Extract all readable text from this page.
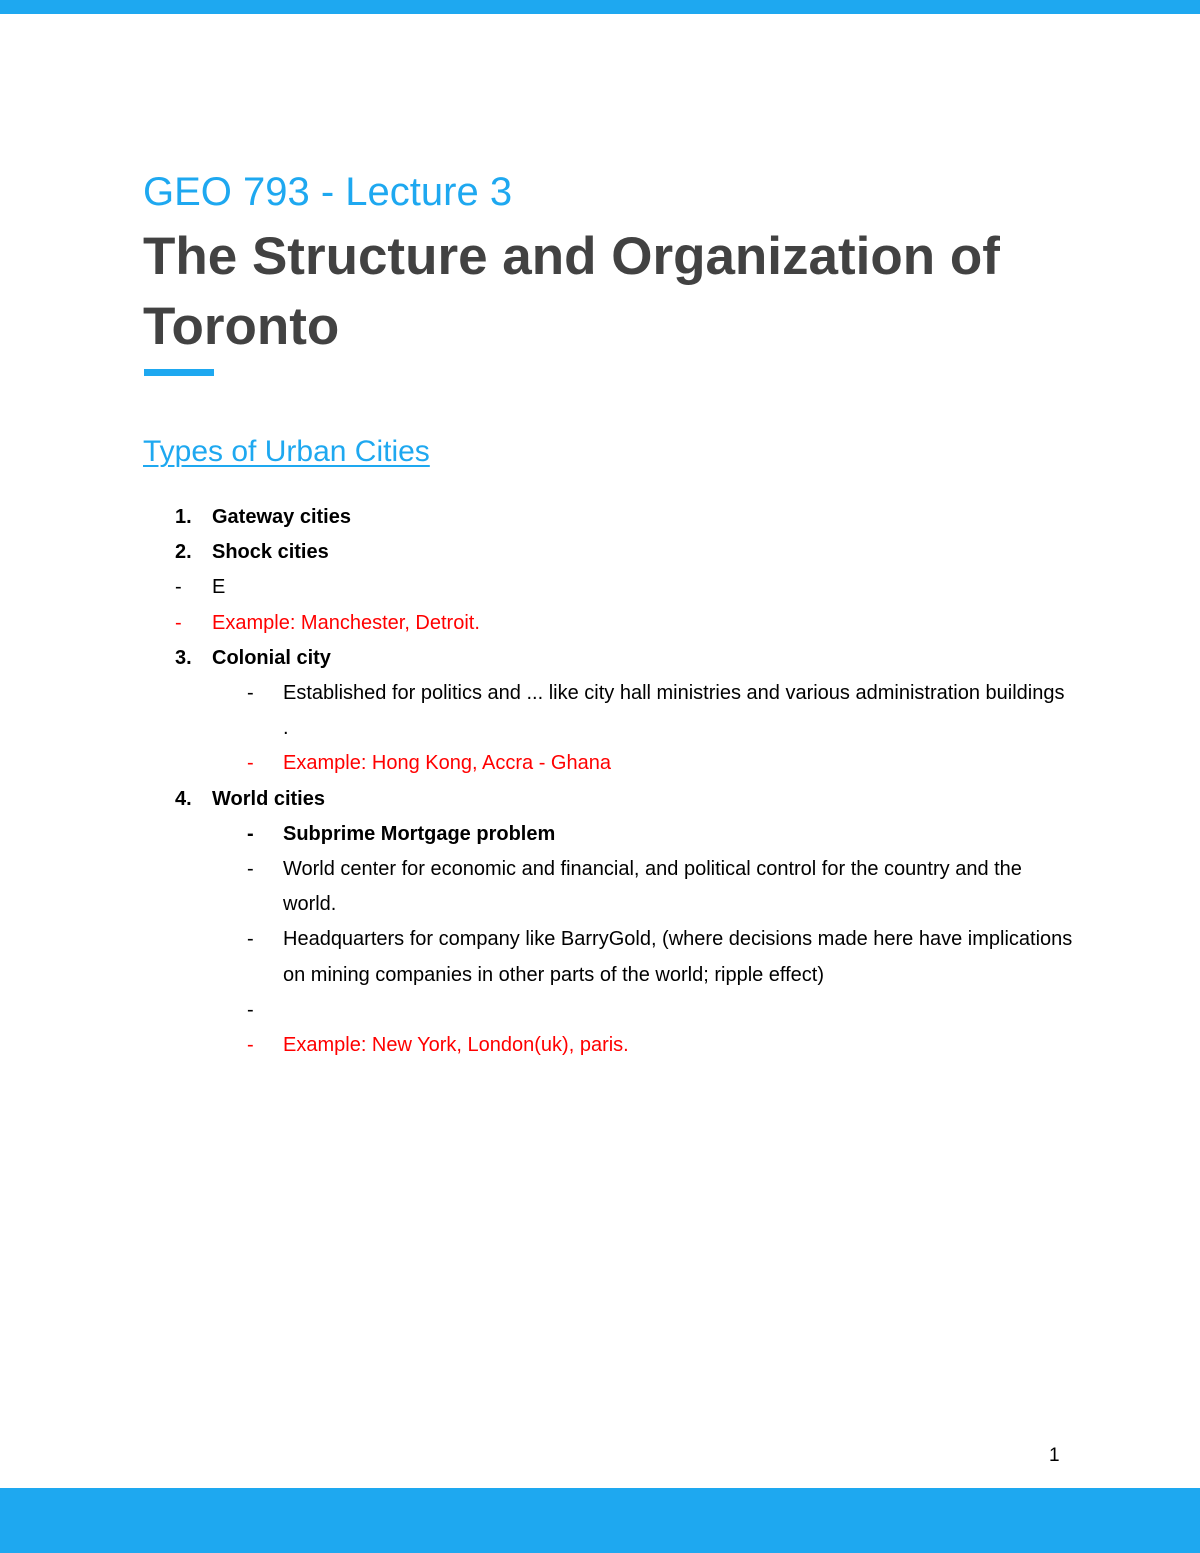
GEO 793 - Lecture 3
The Structure and Organization of Toronto
Types of Urban Cities
1.	Gateway cities
2.	Shock cities
-	E
-	Example: Manchester, Detroit.
3.	Colonial city
-	Established for politics and ... like city hall ministries and various administration buildings .
-	Example: Hong Kong, Accra - Ghana
4.	World cities
-	Subprime Mortgage problem
-	World center for economic and financial, and political control for the country and the world.
-	Headquarters for company like BarryGold, (where decisions made here have implications on mining companies in other parts of the world; ripple effect)
-
-	Example: New York, London(uk), paris.
1
